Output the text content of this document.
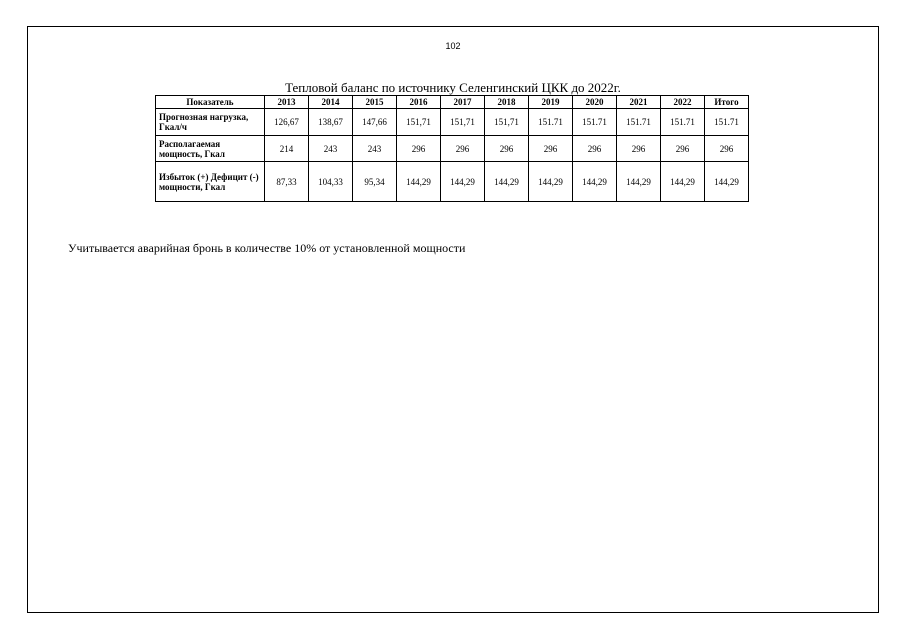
102
Тепловой баланс по источнику Селенгинский ЦКК до 2022г.
Показатель	2013	2014	2015	2016	2017	2018	2019	2020	2021	2022	Итого
Прогнозная нагрузка, Гкал/ч	126,67	138,67	147,66	151,71	151,71	151,71	151.71	151.71	151.71	151.71	151.71
Располагаемая мощность, Гкал	214	243	243	296	296	296	296	296	296	296	296
Избыток (+) Дефицит (-) мощности, Гкал	87,33	104,33	95,34	144,29	144,29	144,29	144,29	144,29	144,29	144,29	144,29
Учитывается аварийная бронь в количестве 10% от установленной мощности
